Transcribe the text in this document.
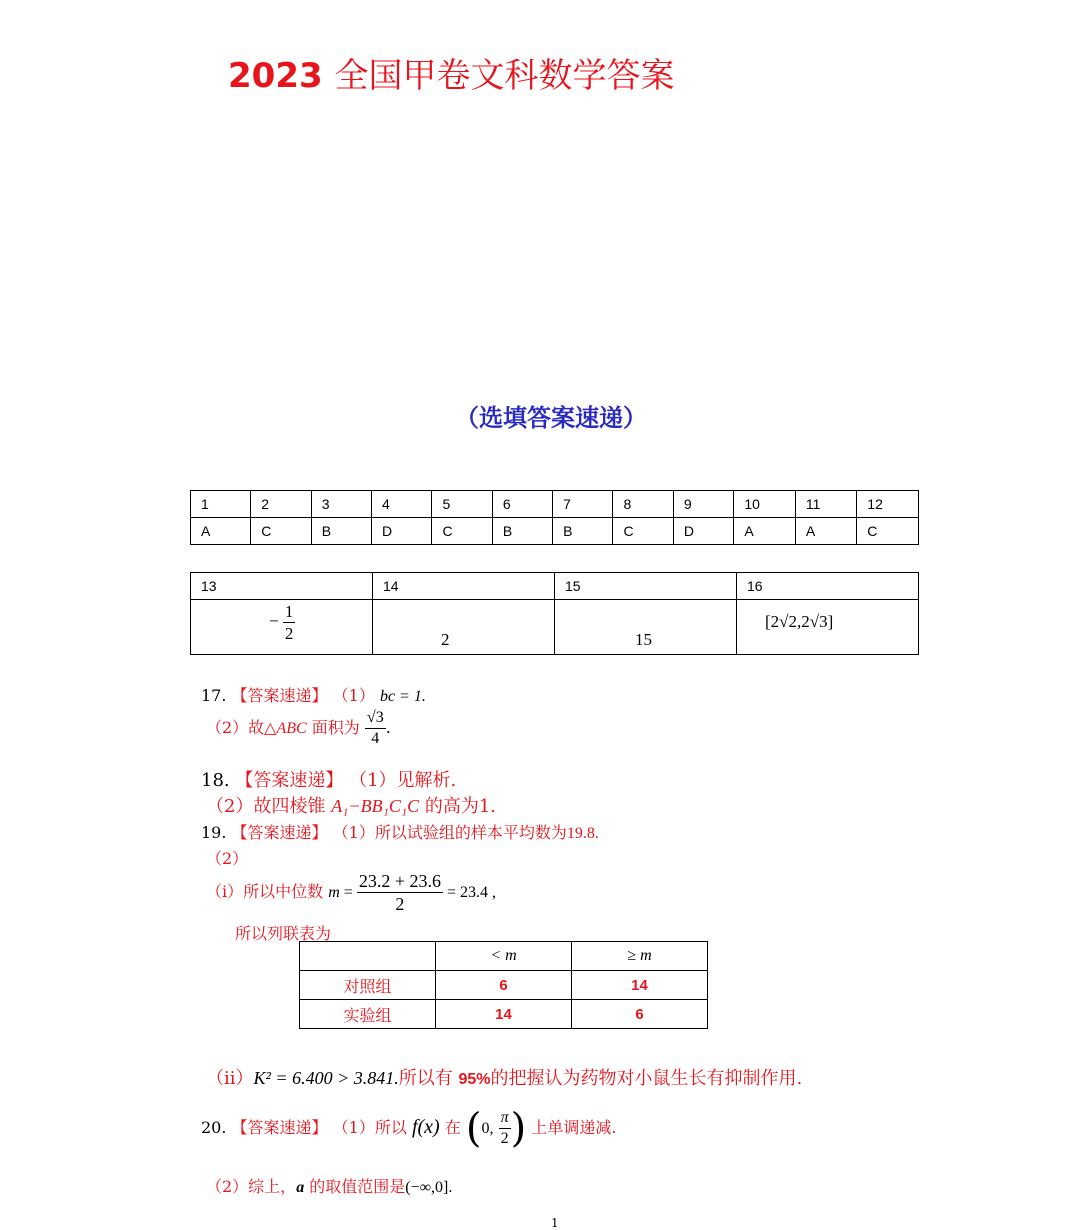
2023 全国甲卷文科数学答案
（选填答案速递）
1	2	3	4	5	6	7	8	9	10	11	12
A	C	B	D	C	B	B	C	D	A	A	C
13	14	15	16

− $\frac{1}{2}$	2	15	[2√2,2√3]
17. 【答案速递】 （1） bc = 1.
（2）故△ABC 面积为 $\frac{√3}{4}$ .
18. 【答案速递】 （1）见解析.
（2）故四棱锥 A₁−BB₁C₁C 的高为1.
19. 【答案速递】 （1）所以试验组的样本平均数为19.8.
（2）
（i）所以中位数 $m = \frac{23.2 + 23.6}{2} = 23.4$ ,
所以列联表为
	< m	≥ m
对照组	6	14
实验组	14	6
（ii）K² = 6.400 > 3.841.所以有 95%的把握认为药物对小鼠生长有抑制作用.
20. 【答案速递】 （1）所以 f(x) 在 (0, $\frac{\pi}{2}$ ) 上单调递减.
（2）综上，a 的取值范围是(−∞,0].
1
